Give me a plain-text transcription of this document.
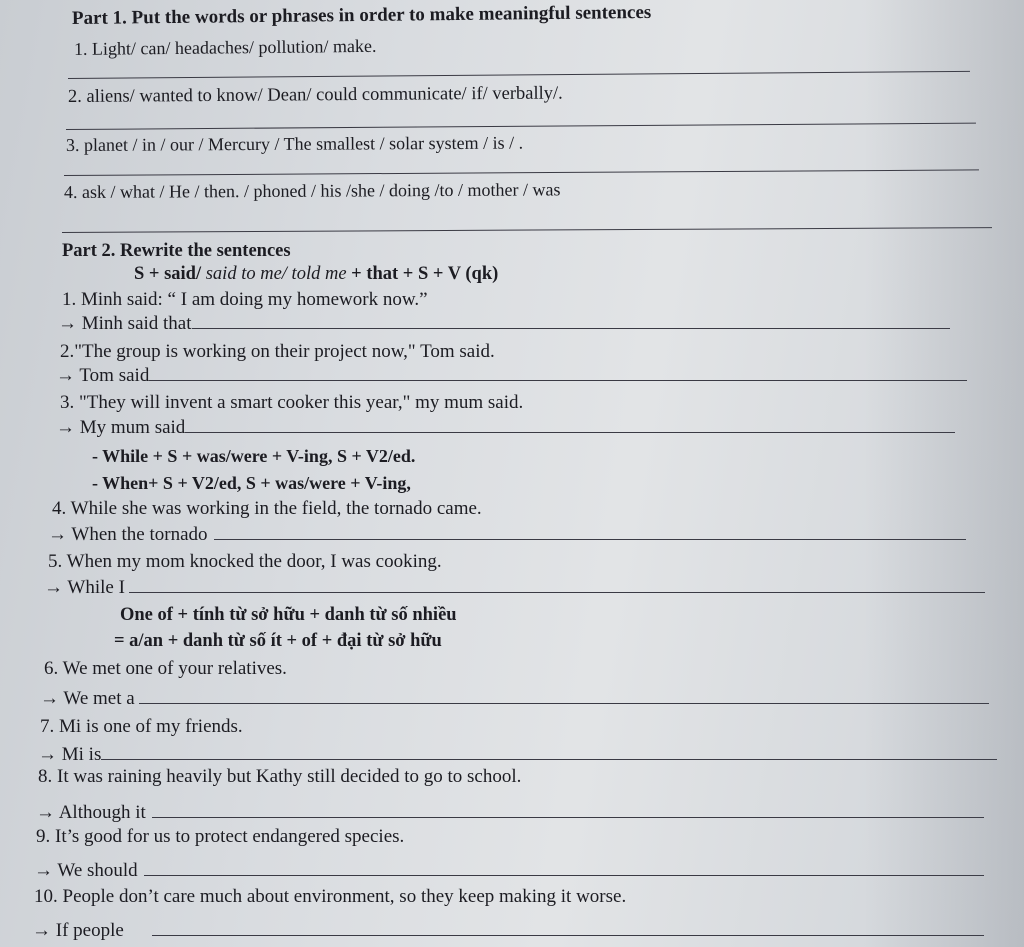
Part 1. Put the words or phrases in order to make meaningful sentences
1. Light/ can/ headaches/ pollution/ make.
2. aliens/ wanted to know/ Dean/ could communicate/ if/ verbally/.
3. planet / in / our / Mercury / The smallest / solar system / is / .
4. ask / what / He / then. / phoned / his /she / doing /to / mother / was
Part 2. Rewrite the sentences
S + said/ said to me/ told me + that + S + V (qk)
1. Minh said: “ I am doing my homework now.”
→ Minh said that
2."The group is working on their project now," Tom said.
→ Tom said
3. "They will invent a smart cooker this year," my mum said.
→ My mum said
- While + S + was/were + V-ing, S + V2/ed.
- When+ S + V2/ed, S + was/were + V-ing,
4. While she was working in the field, the tornado came.
→ When the tornado
5. When my mom knocked the door, I was cooking.
→ While I
One of + tính từ sở hữu + danh từ số nhiều
= a/an + danh từ số ít + of + đại từ sở hữu
6. We met one of your relatives.
→ We met a
7. Mi is one of my friends.
→ Mi is
8. It was raining heavily but Kathy still decided to go to school.
→ Although it
9. It’s good for us to protect endangered species.
→ We should
10. People don’t care much about environment, so they keep making it worse.
→ If people
